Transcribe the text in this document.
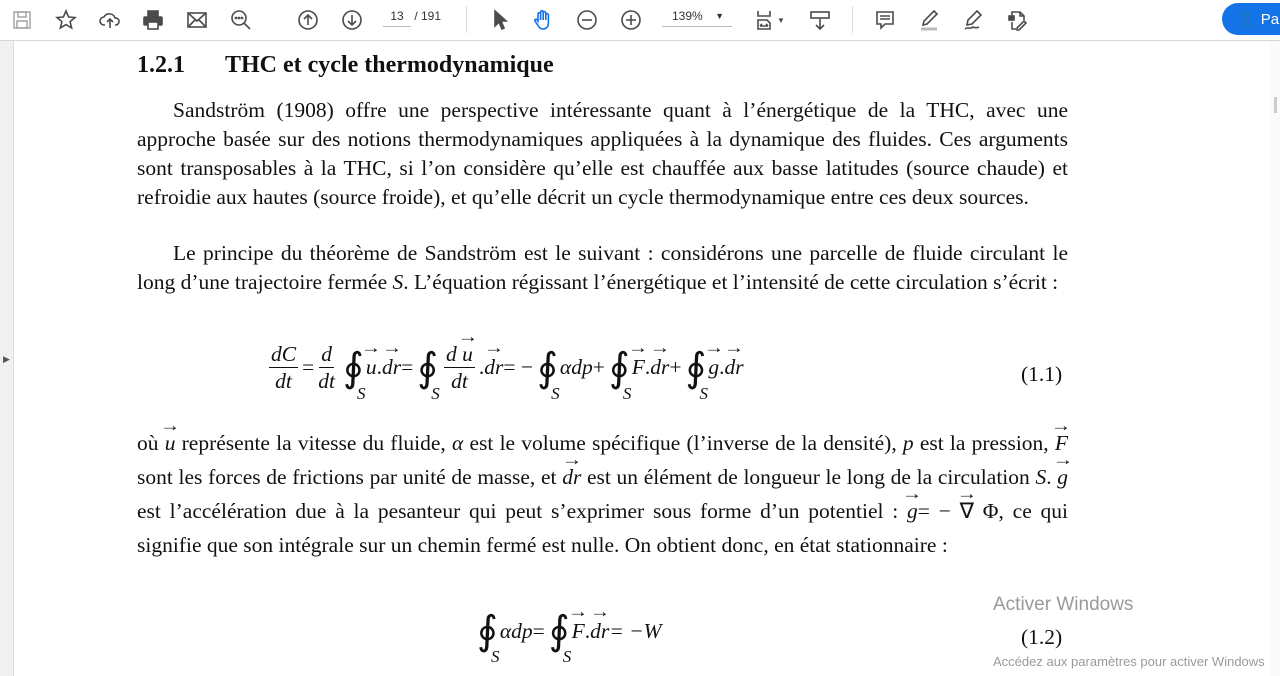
13 / 191	139% ▼	▼	👤 Pa
▶
1.2.1 THC et cycle thermodynamique

Sandström (1908) offre une perspective intéressante quant à l’énergétique de la THC, avec une approche basée sur des notions thermodynamiques appliquées à la dynamique des fluides. Ces arguments sont transposables à la THC, si l’on considère qu’elle est chauffée aux basse latitudes (source chaude) et refroidie aux hautes (source froide), et qu’elle décrit un cycle thermodynamique entre ces deux sources.

Le principe du théorème de Sandström est le suivant : considérons une parcelle de fluide circulant le long d’une trajectoire fermée S. L’équation régissant l’énergétique et l’intensité de cette circulation s’écrit :

$\frac{dC}{dt} = \frac{d}{dt}$ ∮
S
→ u . → dr = ∮
S $\frac{d \to u}{dt}$ . → dr = − ∮
S
αdp + ∮
S
→ F . → dr + ∮
S
→ g . → dr	(1.1)

où → u représente la vitesse du fluide, α est le volume spécifique (l’inverse de la densité), p est la pression, → F sont les forces de frictions par unité de masse, et → dr est un élément de longueur le long de la circulation S. → g est l’accélération due à la pesanteur qui peut s’exprimer sous forme d’un potentiel : → g= − → ∇ Φ, ce qui signifie que son intégrale sur un chemin fermé est nulle. On obtient donc, en état stationnaire :

∮
S
αdp = ∮
S
→ F . → dr = −W	(1.2)
Activer Windows
Accédez aux paramètres pour activer Windows
